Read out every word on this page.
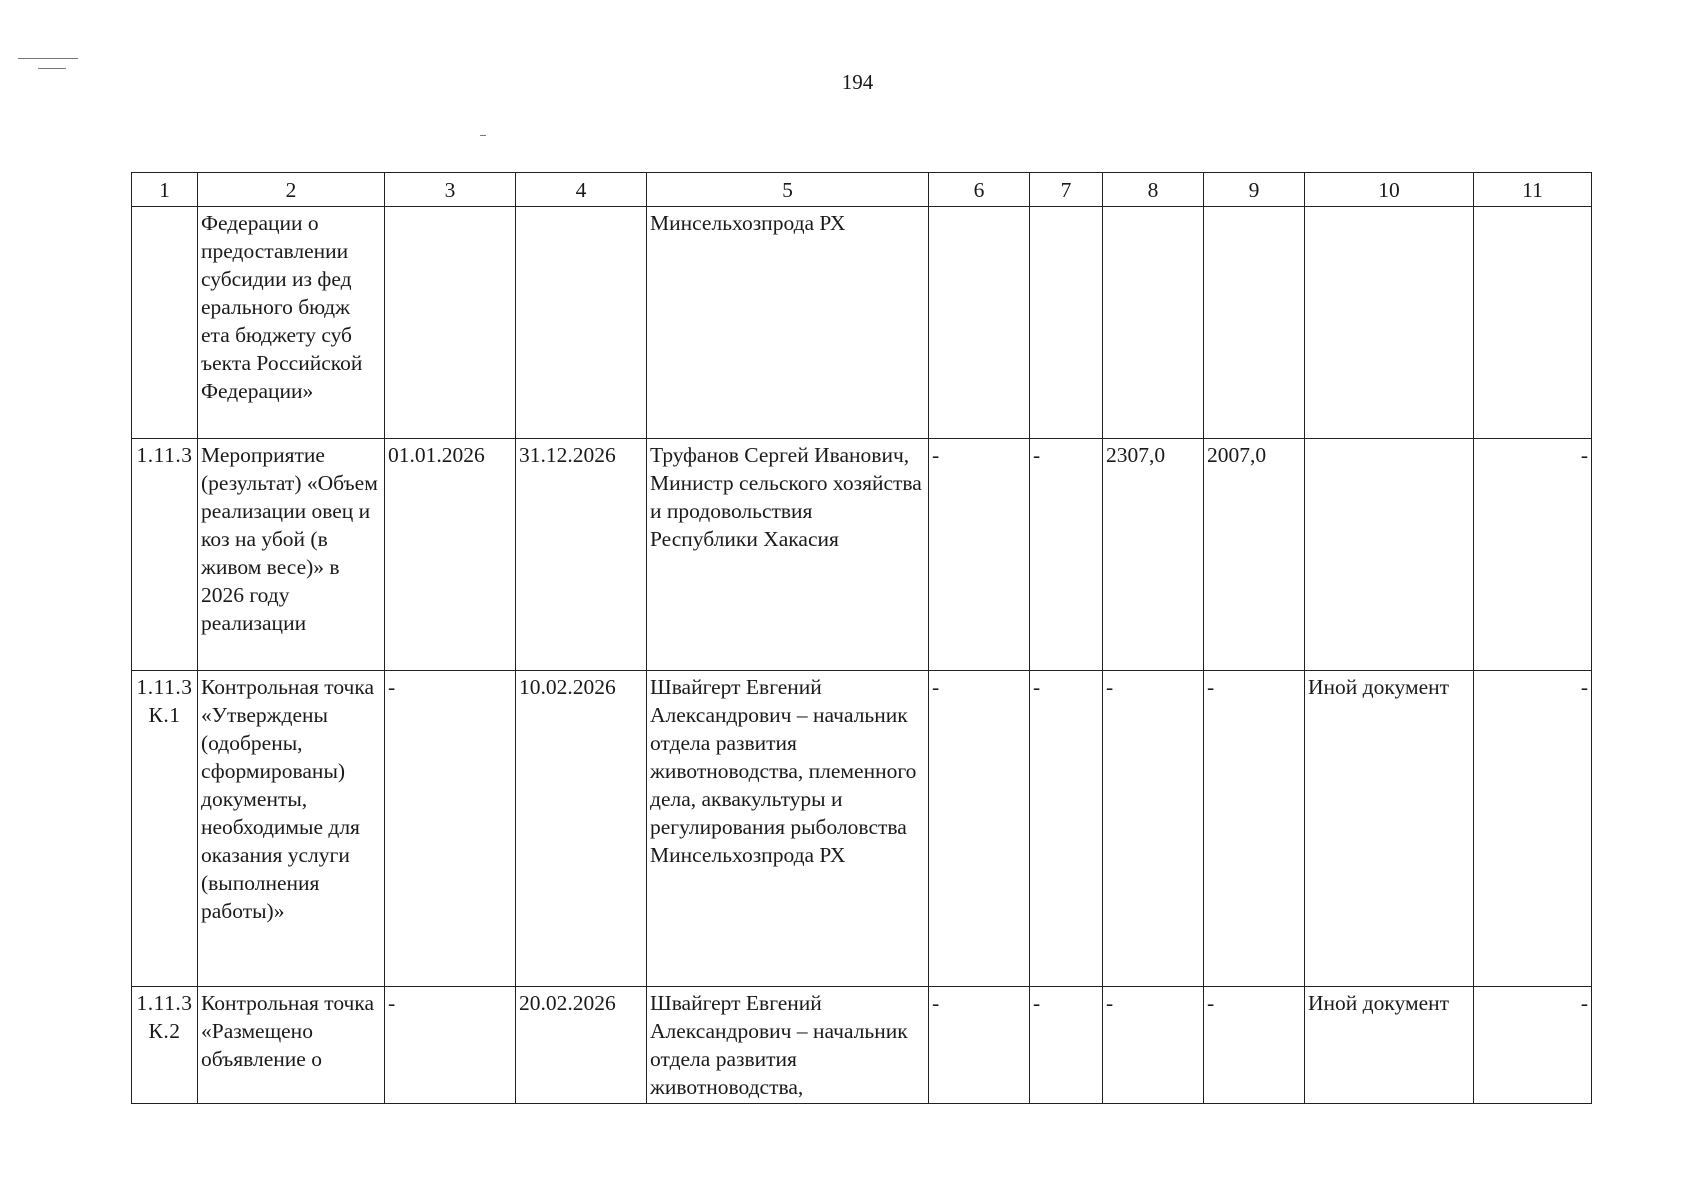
194
1	2	3	4	5	6	7	8	9	10	11
	Федерации о предоставлении субсидии из фед ерального бюдж ета бюджету суб ъекта Российской Федерации»			Минсельхозпрода РХ						
1.11.3	Мероприятие (результат) «Объем реализации овец и коз на убой (в живом весе)» в 2026 году реализации	01.01.2026	31.12.2026	Труфанов Сергей Иванович, Министр сельского хозяйства и продовольствия Республики Хакасия	-	-	2307,0	2007,0		-
1.11.3 К.1	Контрольная точка «Утверждены (одобрены, сформированы) документы, необходимые для оказания услуги (выполнения работы)»	-	10.02.2026	Швайгерт Евгений Александрович – начальник отдела развития животноводства, племенного дела, аквакультуры и регулирования рыболовства Минсельхозпрода РХ	-	-	-	-	Иной документ	-
1.11.3 К.2	Контрольная точка «Размещено объявление о	-	20.02.2026	Швайгерт Евгений Александрович – начальник отдела развития животноводства,	-	-	-	-	Иной документ	-
